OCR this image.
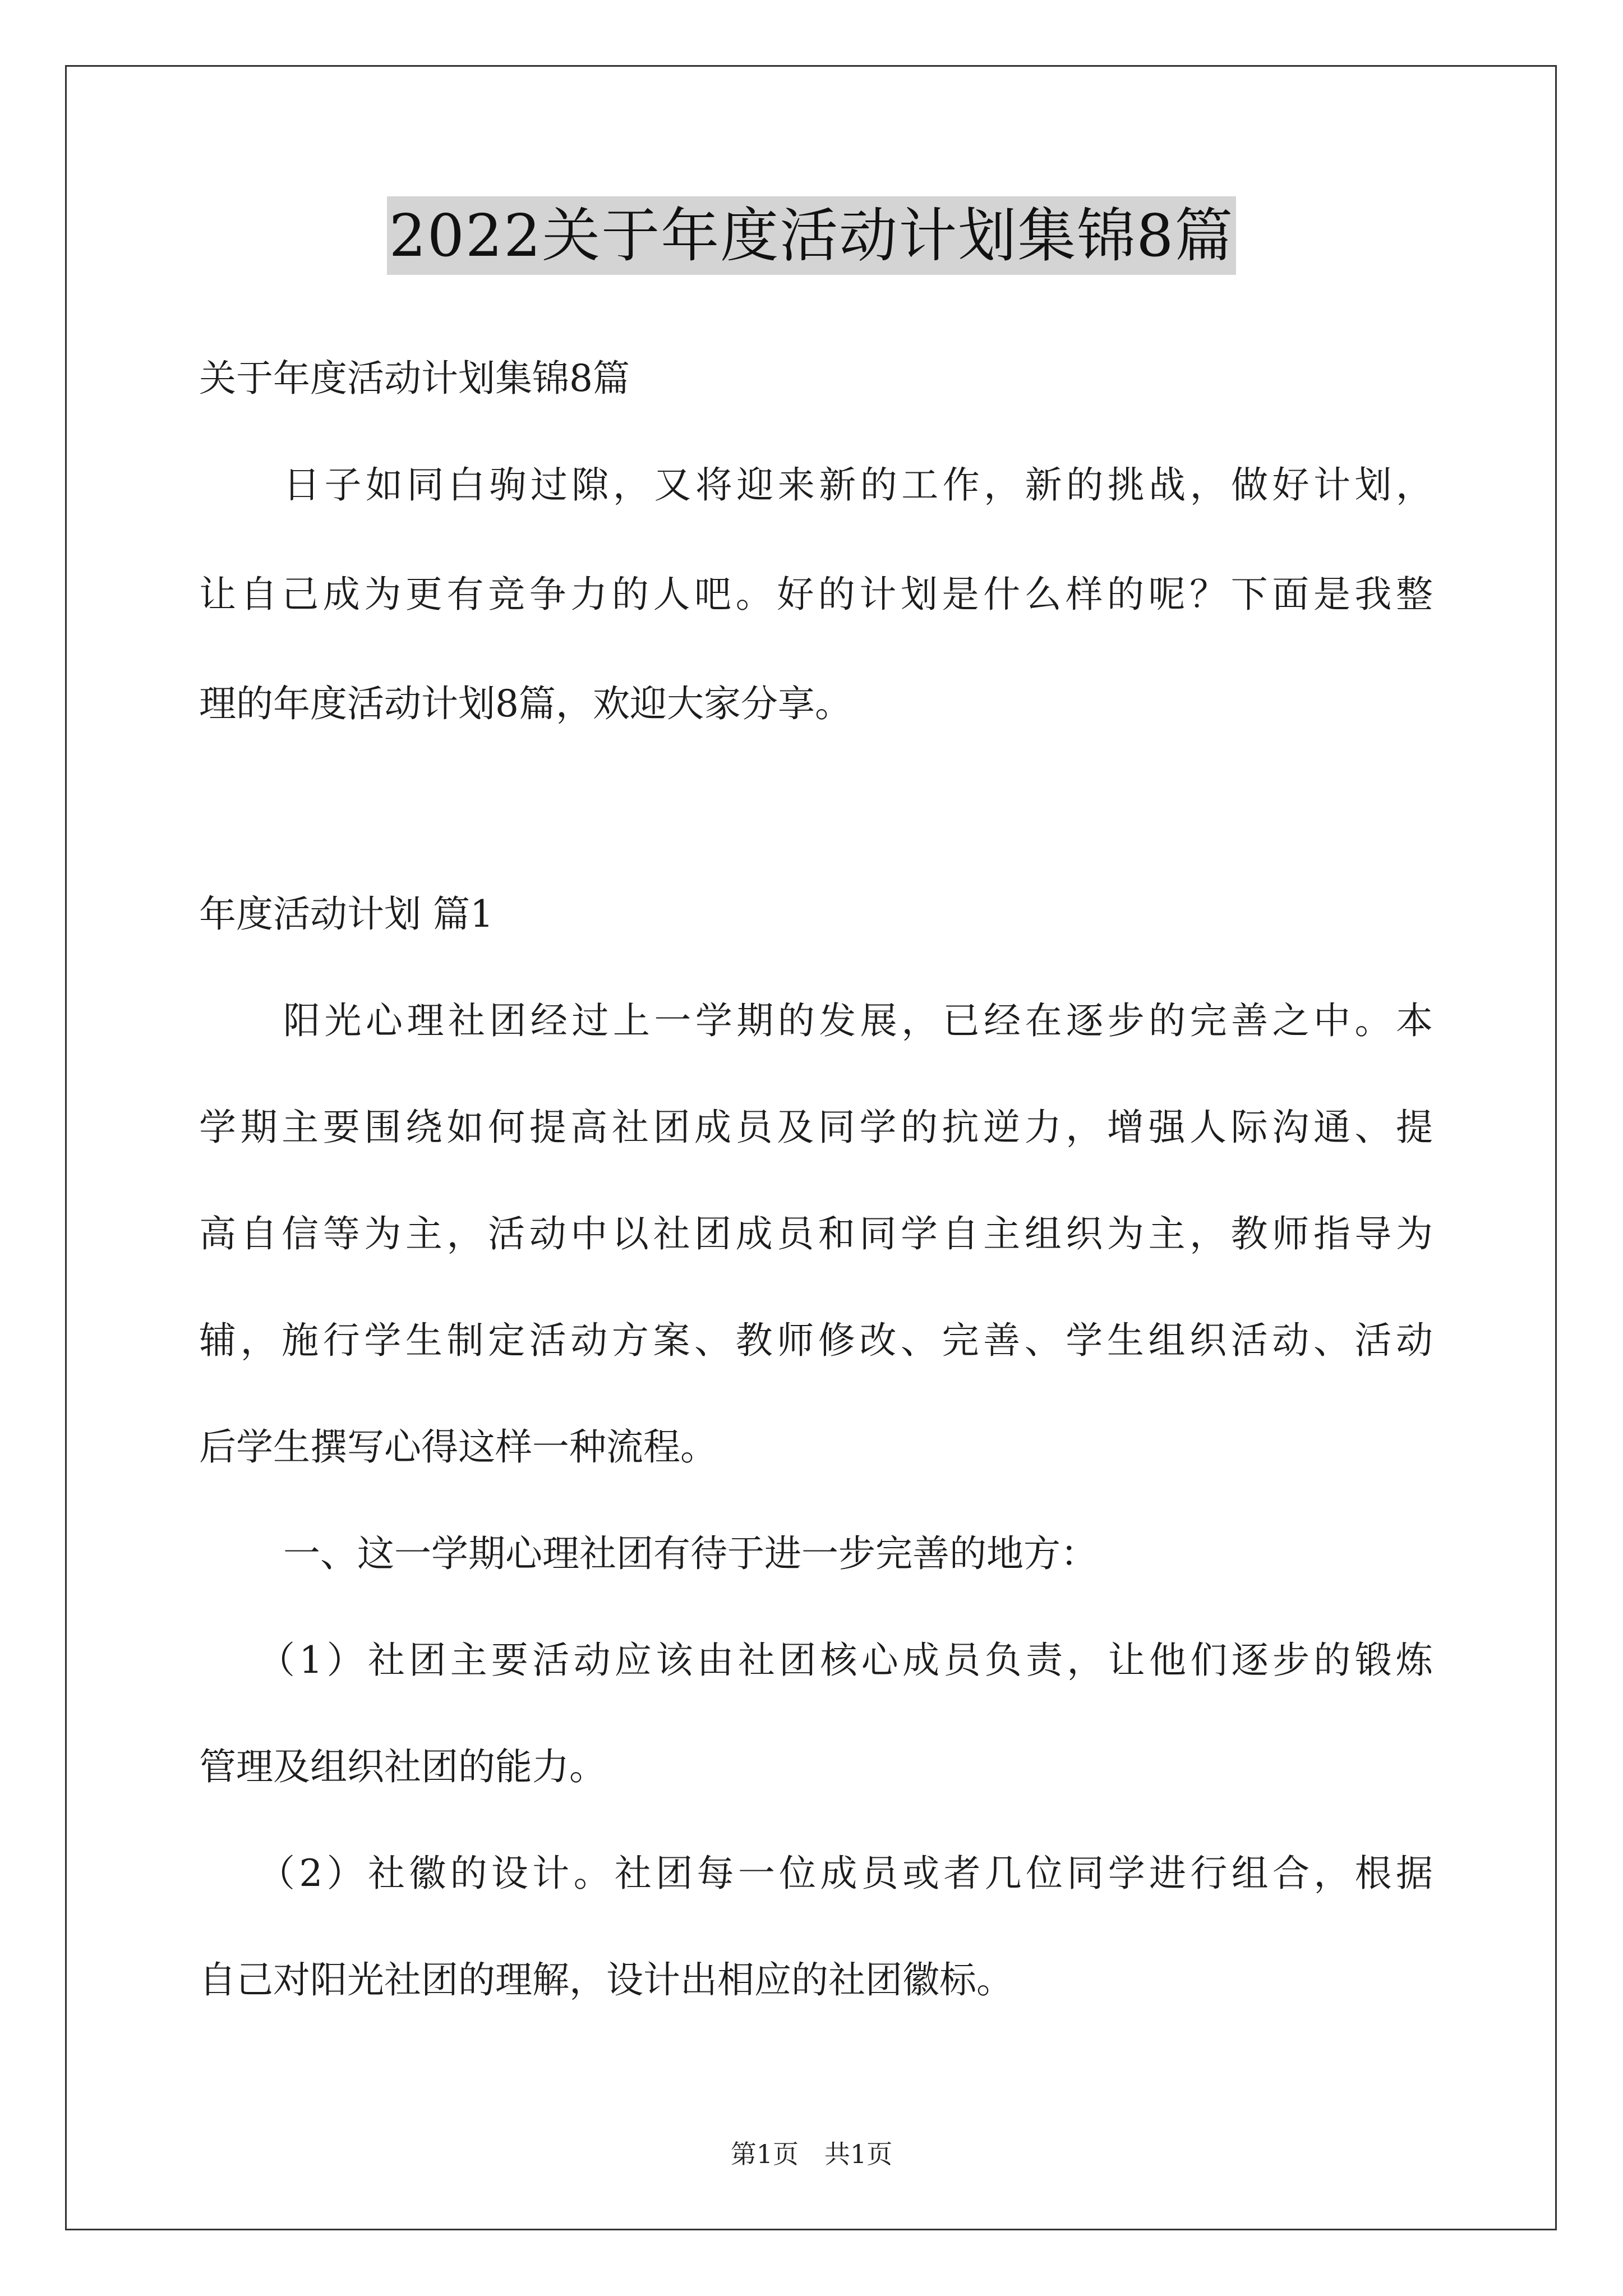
2022关于年度活动计划集锦8篇
关于年度活动计划集锦8篇
日子如同白驹过隙，又将迎来新的工作，新的挑战，做好计划，
让自己成为更有竞争力的人吧。好的计划是什么样的呢？下面是我整
理的年度活动计划8篇，欢迎大家分享。
年度活动计划 篇1
阳光心理社团经过上一学期的发展，已经在逐步的完善之中。本
学期主要围绕如何提高社团成员及同学的抗逆力，增强人际沟通、提
高自信等为主，活动中以社团成员和同学自主组织为主，教师指导为
辅，施行学生制定活动方案、教师修改、完善、学生组织活动、活动
后学生撰写心得这样一种流程。
一、这一学期心理社团有待于进一步完善的地方：
（1）社团主要活动应该由社团核心成员负责，让他们逐步的锻炼
管理及组织社团的能力。
（2）社徽的设计。社团每一位成员或者几位同学进行组合，根据
自己对阳光社团的理解，设计出相应的社团徽标。
第1页　共1页
